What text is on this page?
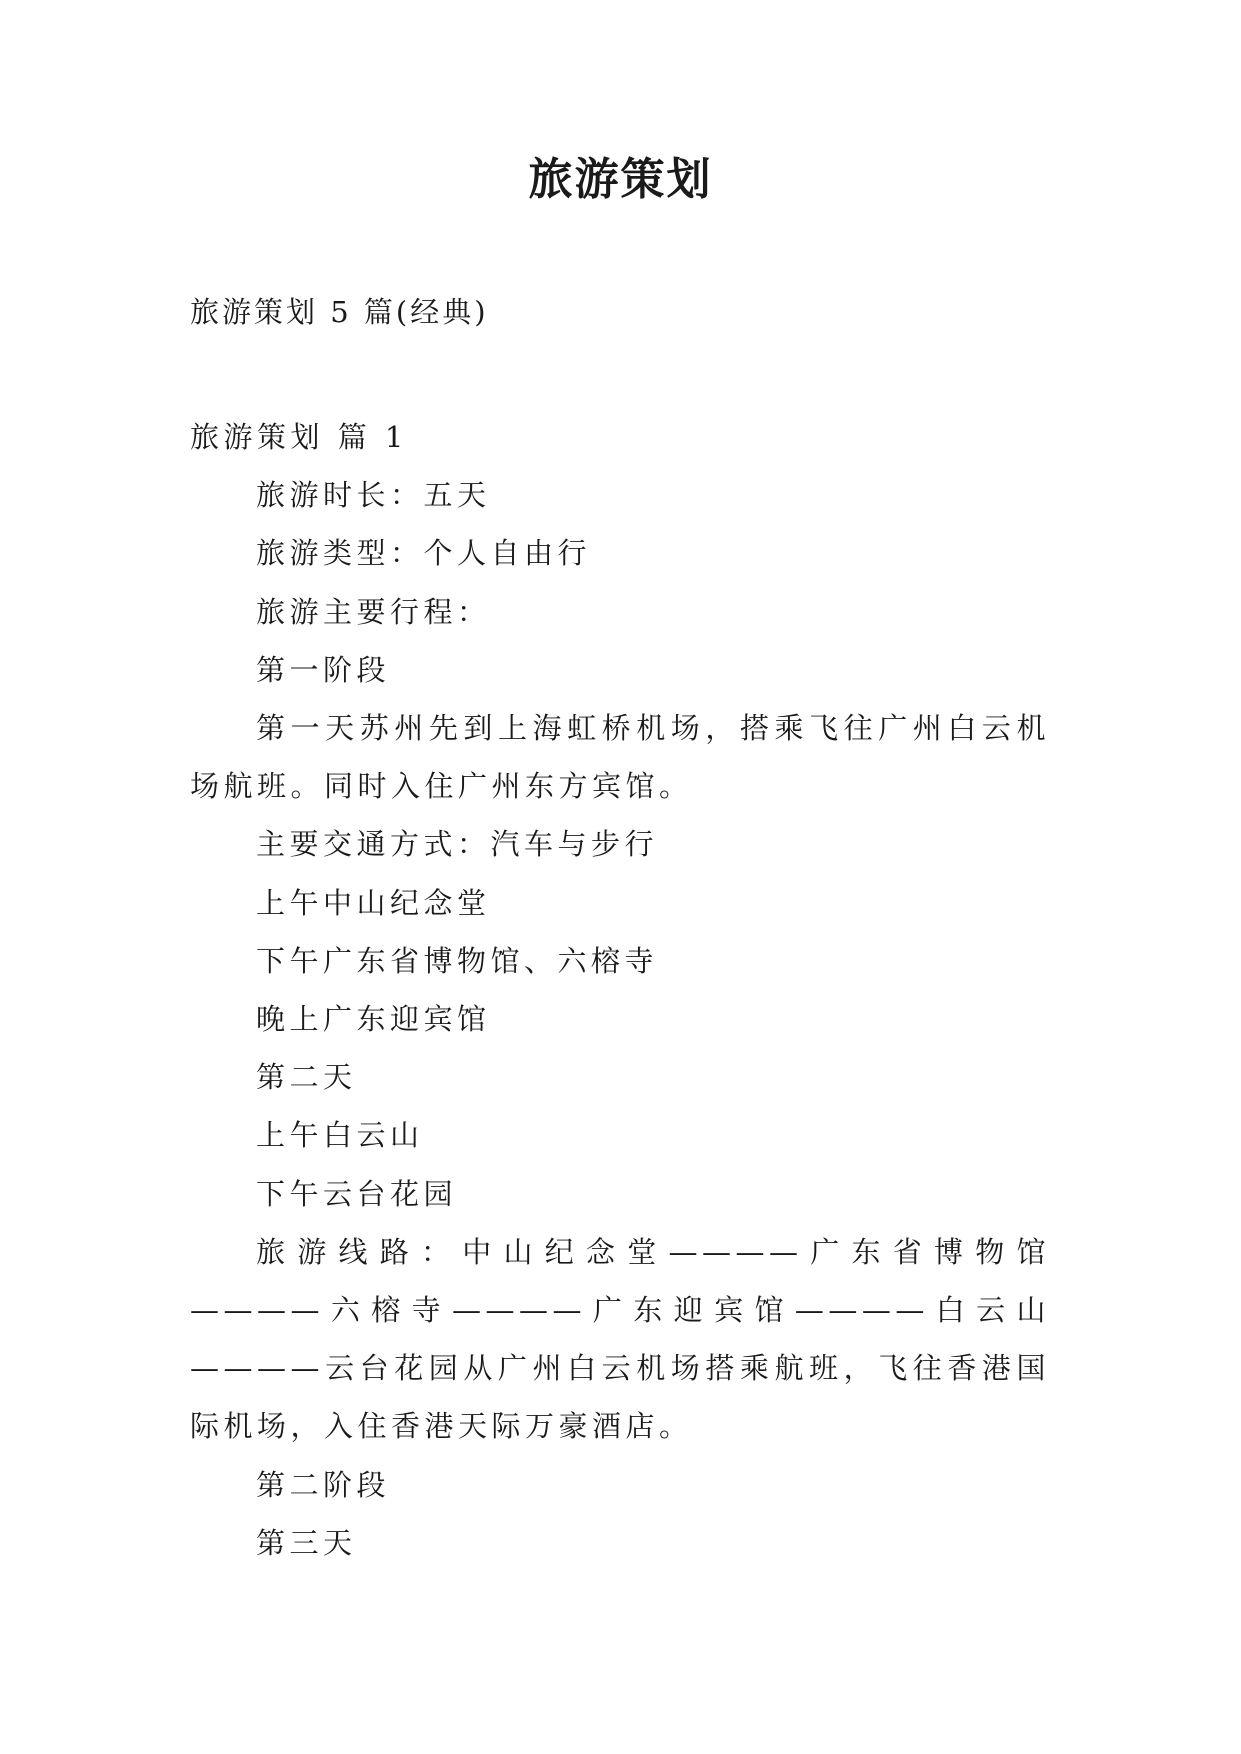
旅游策划

旅游策划 5 篇(经典)

旅游策划 篇 1

旅游时长：五天

旅游类型：个人自由行

旅游主要行程：

第一阶段

第一天苏州先到上海虹桥机场，搭乘飞往广州白云机场航班。同时入住广州东方宾馆。

主要交通方式：汽车与步行

上午中山纪念堂

下午广东省博物馆、六榕寺

晚上广东迎宾馆

第二天

上午白云山

下午云台花园

旅游线路：中山纪念堂————广东省博物馆————六榕寺————广东迎宾馆————白云山————云台花园从广州白云机场搭乘航班，飞往香港国际机场，入住香港天际万豪酒店。

第二阶段

第三天
